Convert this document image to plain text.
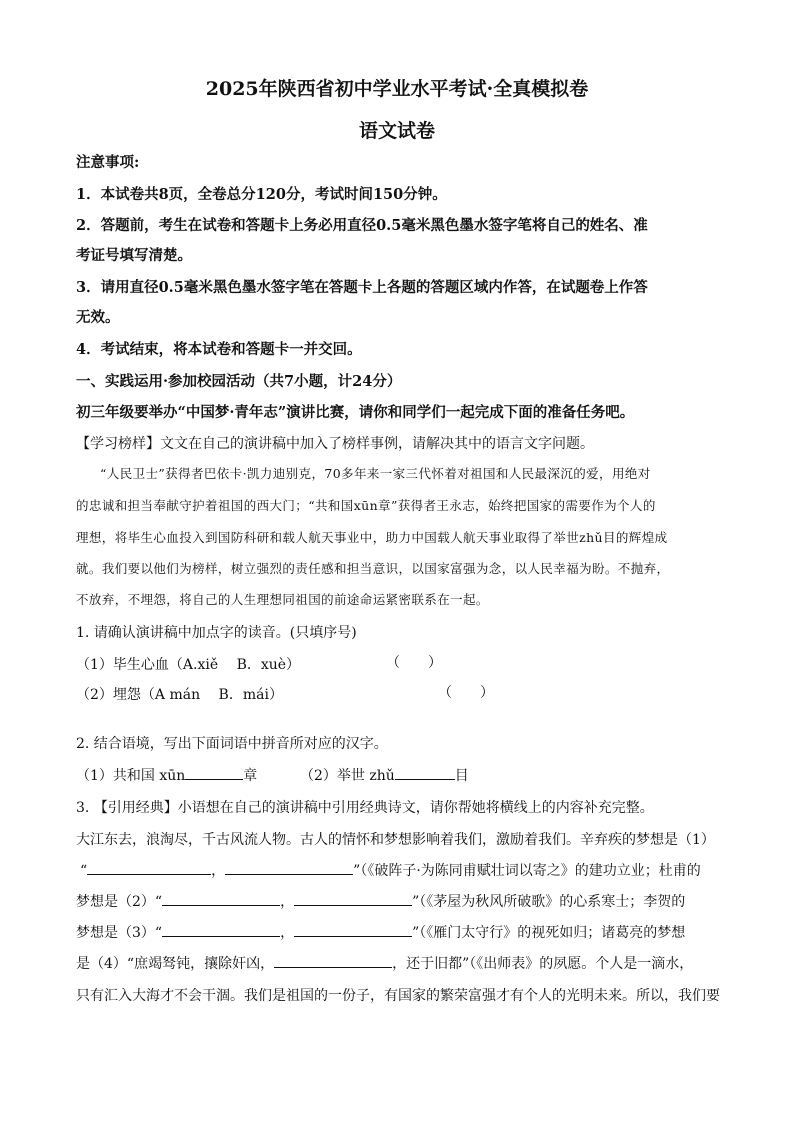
2025年陕西省初中学业水平考试·全真模拟卷
语文试卷
注意事项:
1．本试卷共8页，全卷总分120分，考试时间150分钟。
2．答题前，考生在试卷和答题卡上务必用直径0.5毫米黑色墨水签字笔将自己的姓名、准
考证号填写清楚。
3．请用直径0.5毫米黑色墨水签字笔在答题卡上各题的答题区域内作答，在试题卷上作答
无效。
4．考试结束，将本试卷和答题卡一并交回。
一、实践运用·参加校园活动（共7小题，计24分）
初三年级要举办“中国梦·青年志”演讲比赛，请你和同学们一起完成下面的准备任务吧。
【学习榜样】文文在自己的演讲稿中加入了榜样事例，请解决其中的语言文字问题。
“人民卫士”获得者巴依卡·凯力迪别克，70多年来一家三代怀着对祖国和人民最深沉的爱，用绝对
的忠诚和担当奉献守护着祖国的西大门；“共和国xūn章”获得者王永志，始终把国家的需要作为个人的
理想，将毕生心血投入到国防科研和载人航天事业中，助力中国载人航天事业取得了举世zhǔ目的辉煌成
就。我们要以他们为榜样，树立强烈的责任感和担当意识，以国家富强为念，以人民幸福为盼。不抛弃，
不放弃，不埋怨，将自己的人生理想同祖国的前途命运紧密联系在一起。
1. 请确认演讲稿中加点字的读音。(只填序号)
（1）毕生心血（A.xiě　 B．xuè）	（　　）
（2）埋怨（A mán　 B．mái）	（　　）
2. 结合语境，写出下面词语中拼音所对应的汉字。
（1）共和国 xūn	章	（2）举世 zhǔ	目
3. 【引用经典】小语想在自己的演讲稿中引用经典诗文，请你帮她将横线上的内容补充完整。
大江东去，浪淘尽，千古风流人物。古人的情怀和梦想影响着我们，激励着我们。辛弃疾的梦想是（1）
“	，	”（《破阵子·为陈同甫赋壮词以寄之》的建功立业；杜甫的
梦想是（2）“	，	”（《茅屋为秋风所破歌》的心系寒士；李贺的
梦想是（3）“	，	”（《雁门太守行》的视死如归；诸葛亮的梦想
是（4）“庶竭驽钝，攘除奸凶，	，还于旧都”（《出师表》的夙愿。个人是一滴水，
只有汇入大海才不会干涸。我们是祖国的一份子，有国家的繁荣富强才有个人的光明未来。所以，我们要
